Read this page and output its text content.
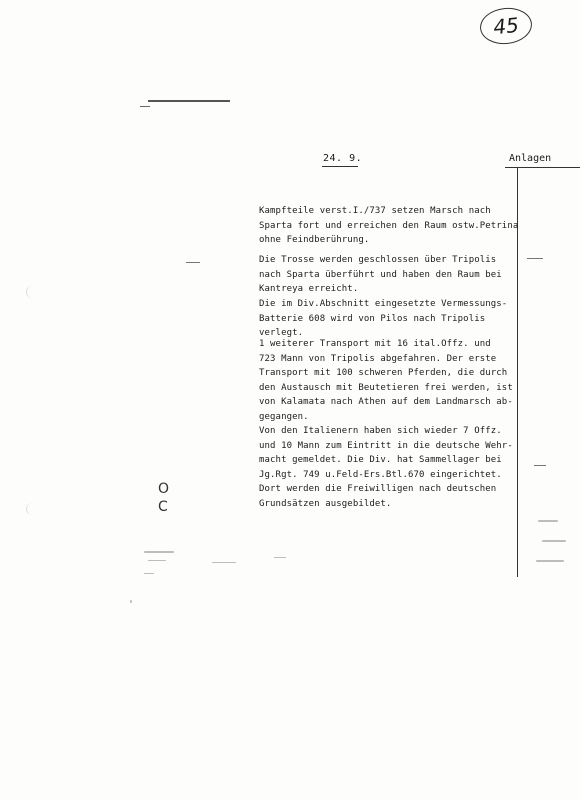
45
24. 9.	Anlagen

Kampfteile verst.I./737 setzen Marsch nach
Sparta fort und erreichen den Raum ostw.Petrina
ohne Feindberührung.

Die Trosse werden geschlossen über Tripolis
nach Sparta überführt und haben den Raum bei
Kantreya erreicht.

Die im Div.Abschnitt eingesetzte Vermessungs-
Batterie 608 wird von Pilos nach Tripolis verlegt.

1 weiterer Transport mit 16 ital.Offz. und
723 Mann von Tripolis abgefahren. Der erste
Transport mit 100 schweren Pferden, die durch
den Austausch mit Beutetieren frei werden, ist
von Kalamata nach Athen auf dem Landmarsch ab-
gegangen.

Von den Italienern haben sich wieder 7 Offz.
und 10 Mann zum Eintritt in die deutsche Wehr-
macht gemeldet. Die Div. hat Sammellager bei
Jg.Rgt. 749 u.Feld-Ers.Btl.670 eingerichtet.
Dort werden die Freiwilligen nach deutschen
Grundsätzen ausgebildet.

O
C
